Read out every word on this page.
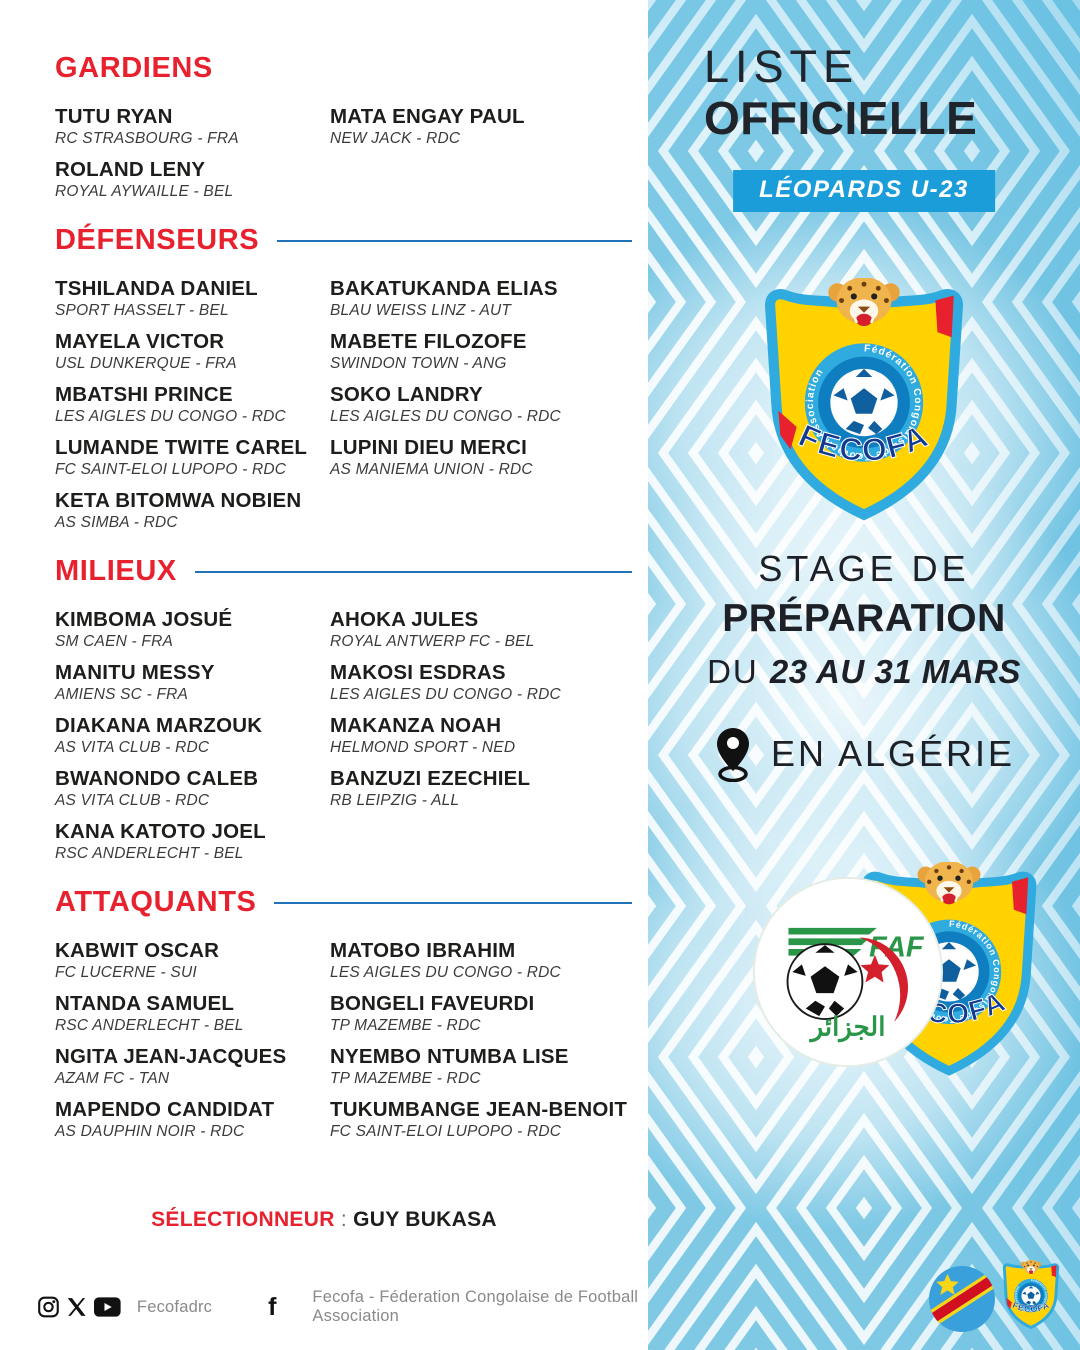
GARDIENS
TUTU RYAN
RC STRASBOURG - FRA
MATA ENGAY PAUL
NEW JACK - RDC
ROLAND LENY
ROYAL AYWAILLE - BEL
DÉFENSEURS
TSHILANDA DANIEL
SPORT HASSELT - BEL
BAKATUKANDA ELIAS
BLAU WEISS LINZ - AUT
MAYELA VICTOR
USL DUNKERQUE - FRA
MABETE FILOZOFE
SWINDON TOWN - ANG
MBATSHI PRINCE
LES AIGLES DU CONGO - RDC
SOKO LANDRY
LES AIGLES DU CONGO - RDC
LUMANDE TWITE CAREL
FC SAINT-ELOI LUPOPO - RDC
LUPINI DIEU MERCI
AS MANIEMA UNION - RDC
KETA BITOMWA NOBIEN
AS SIMBA - RDC
MILIEUX
KIMBOMA JOSUÉ
SM CAEN - FRA
AHOKA JULES
ROYAL ANTWERP FC - BEL
MANITU MESSY
AMIENS SC - FRA
MAKOSI ESDRAS
LES AIGLES DU CONGO - RDC
DIAKANA MARZOUK
AS VITA CLUB - RDC
MAKANZA NOAH
HELMOND SPORT - NED
BWANONDO CALEB
AS VITA CLUB - RDC
BANZUZI EZECHIEL
RB LEIPZIG - ALL
KANA KATOTO JOEL
RSC ANDERLECHT - BEL
ATTAQUANTS
KABWIT OSCAR
FC LUCERNE - SUI
MATOBO IBRAHIM
LES AIGLES DU CONGO - RDC
NTANDA SAMUEL
RSC ANDERLECHT - BEL
BONGELI FAVEURDI
TP MAZEMBE - RDC
NGITA JEAN-JACQUES
AZAM FC - TAN
NYEMBO NTUMBA LISE
TP MAZEMBE - RDC
MAPENDO CANDIDAT
AS DAUPHIN NOIR - RDC
TUKUMBANGE JEAN-BENOIT
FC SAINT-ELOI LUPOPO - RDC
SÉLECTIONNEUR : GUY BUKASA
Fecofadrc f Fecofa - Féderation Congolaise de Football Association
LISTE
OFFICIELLE
LÉOPARDS U-23
STAGE DE
PRÉPARATION
DU 23 AU 31 MARS
EN ALGÉRIE
